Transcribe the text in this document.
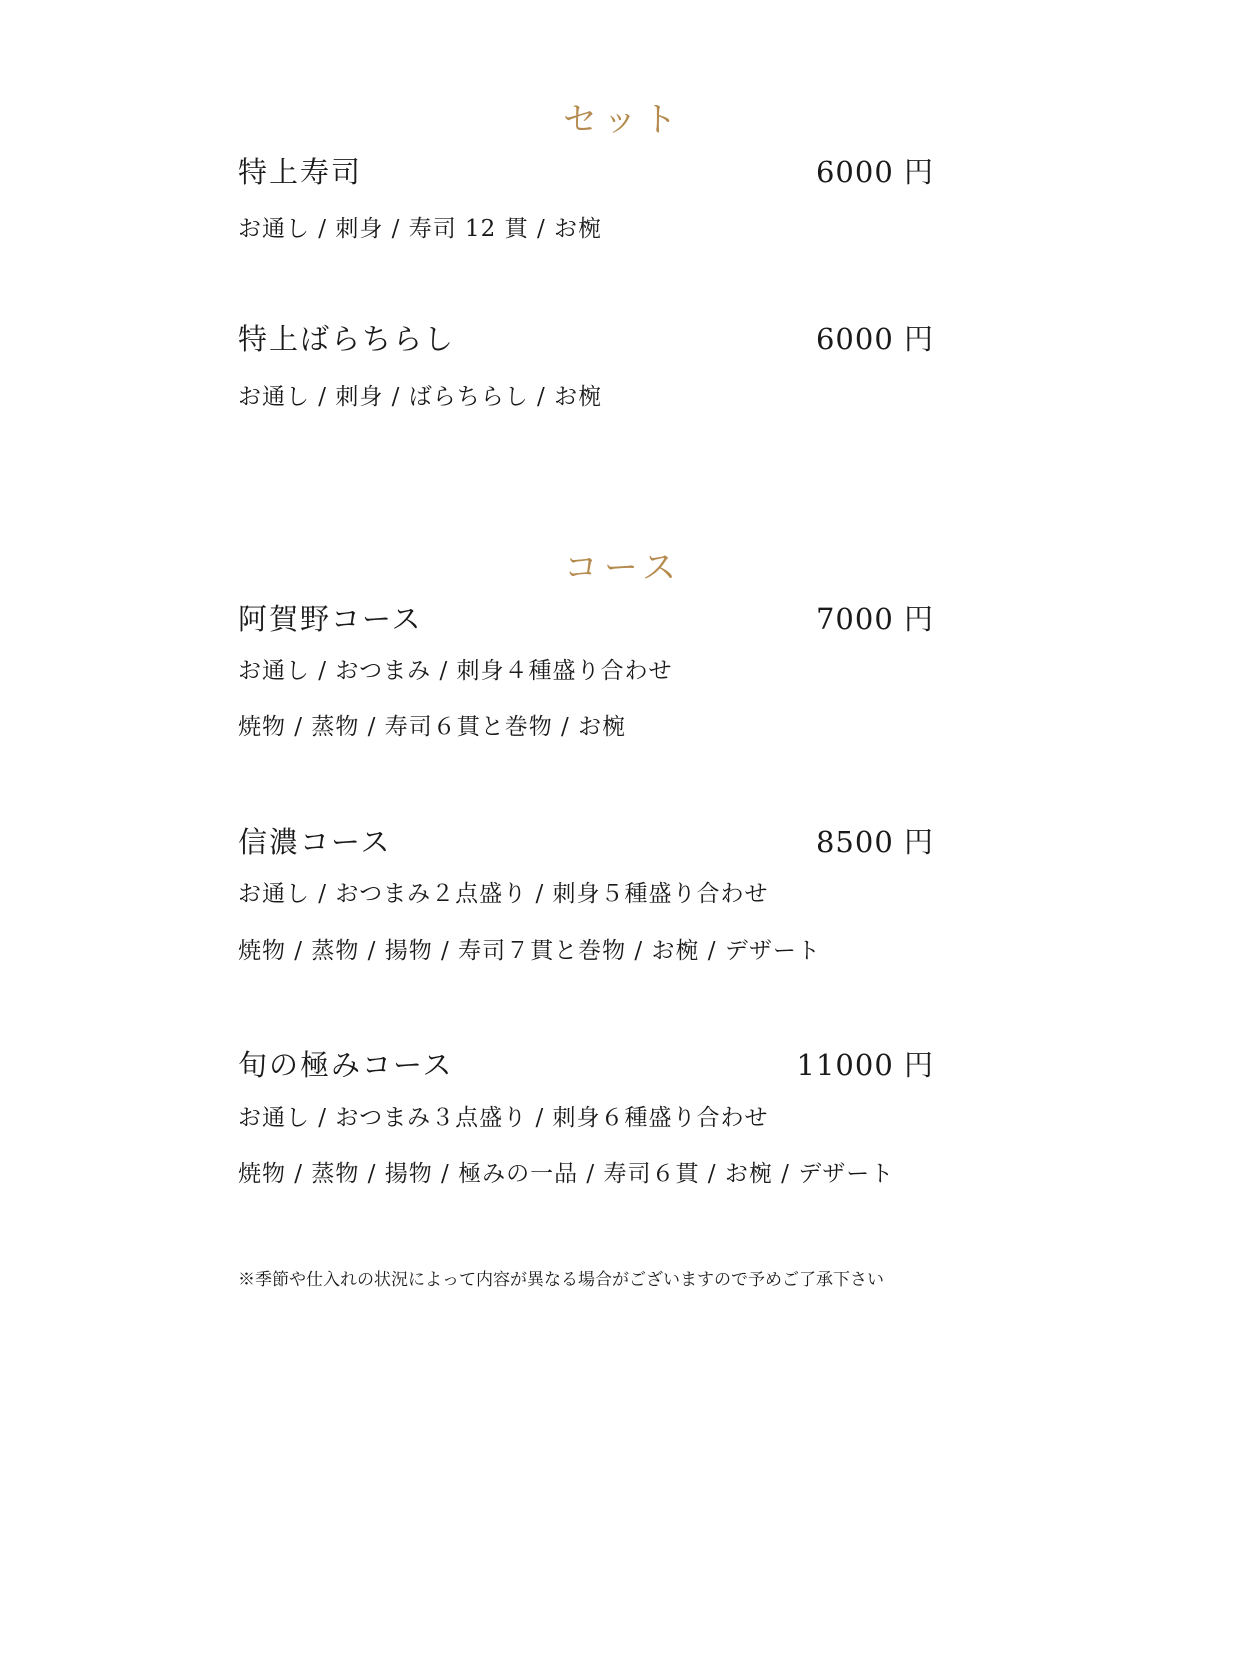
セット
特上寿司	6000 円
お通し / 刺身 / 寿司 12 貫 / お椀
特上ばらちらし	6000 円
お通し / 刺身 / ばらちらし / お椀
コース
阿賀野コース	7000 円
お通し / おつまみ / 刺身４種盛り合わせ
焼物 / 蒸物 / 寿司６貫と巻物 / お椀
信濃コース	8500 円
お通し / おつまみ２点盛り / 刺身５種盛り合わせ
焼物 / 蒸物 / 揚物 / 寿司７貫と巻物 / お椀 / デザート
旬の極みコース	11000 円
お通し / おつまみ３点盛り / 刺身６種盛り合わせ
焼物 / 蒸物 / 揚物 / 極みの一品 / 寿司６貫 / お椀 / デザート
※季節や仕入れの状況によって内容が異なる場合がございますので予めご了承下さい
